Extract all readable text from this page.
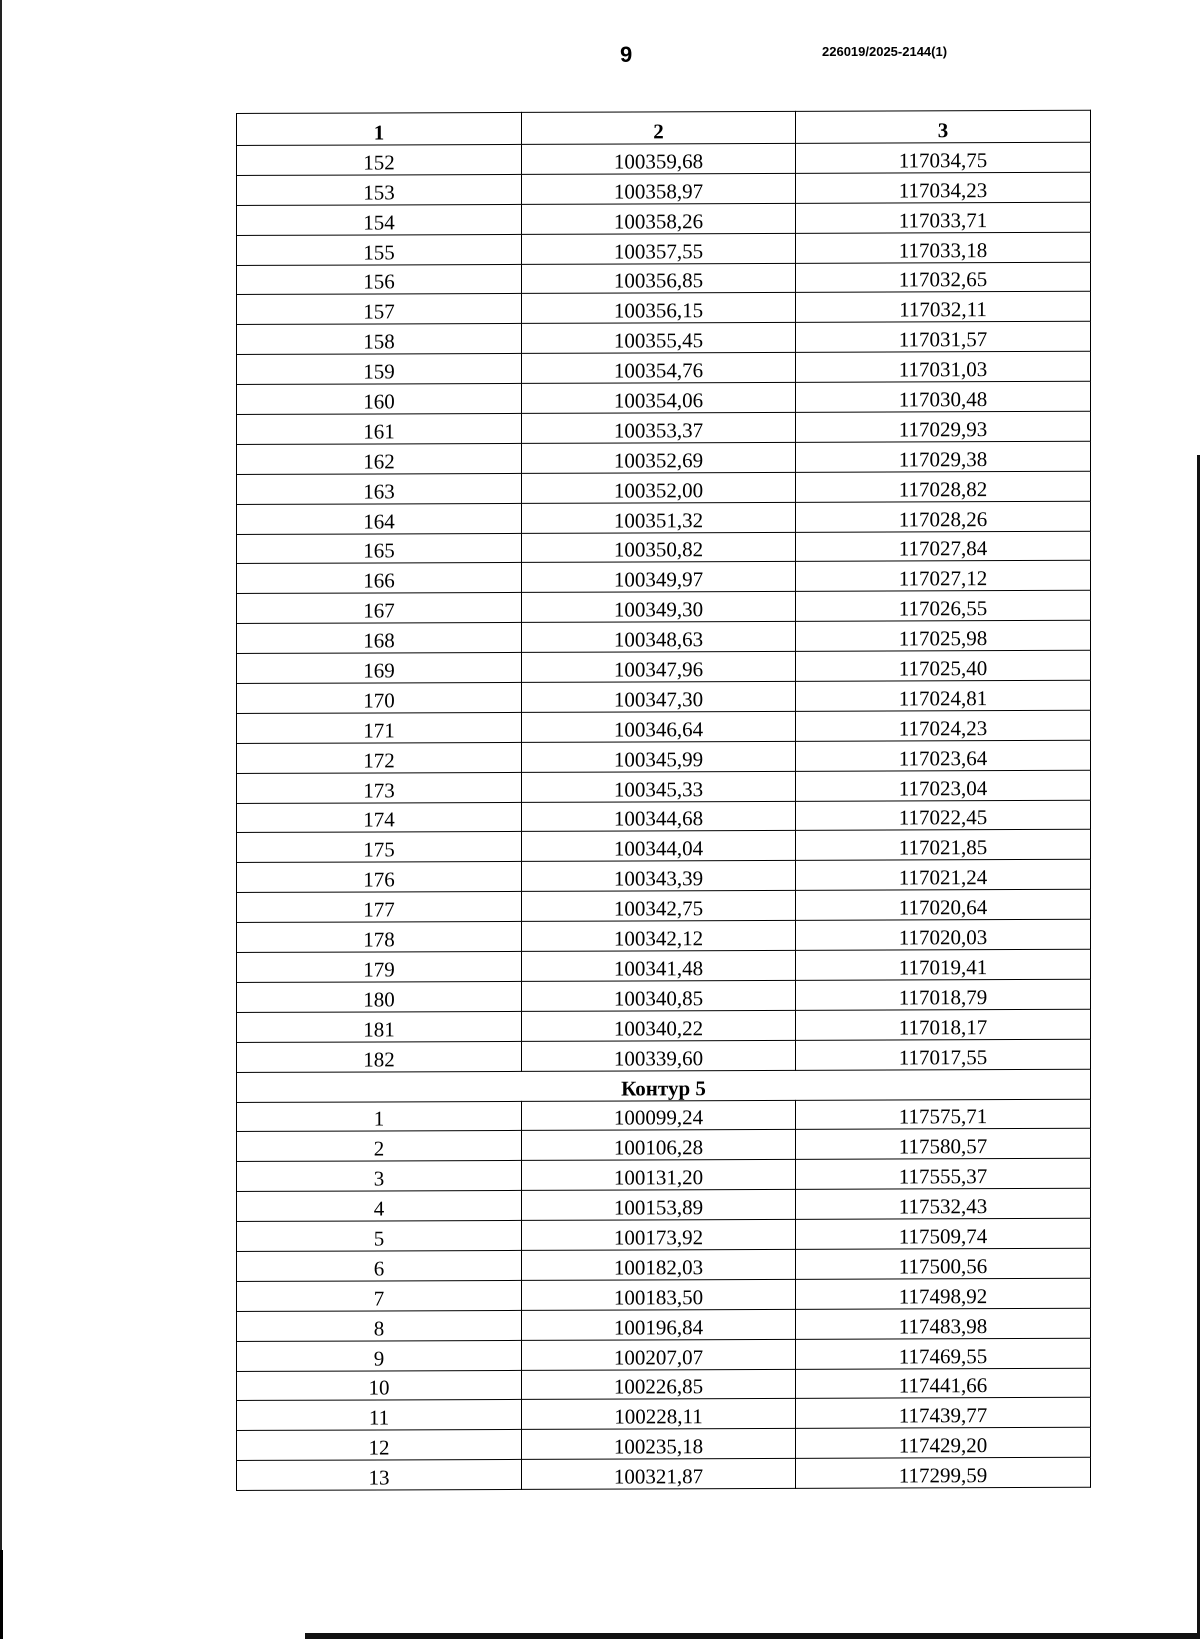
9	226019/2025-2144(1)
1	2	3
152	100359,68	117034,75
153	100358,97	117034,23
154	100358,26	117033,71
155	100357,55	117033,18
156	100356,85	117032,65
157	100356,15	117032,11
158	100355,45	117031,57
159	100354,76	117031,03
160	100354,06	117030,48
161	100353,37	117029,93
162	100352,69	117029,38
163	100352,00	117028,82
164	100351,32	117028,26
165	100350,82	117027,84
166	100349,97	117027,12
167	100349,30	117026,55
168	100348,63	117025,98
169	100347,96	117025,40
170	100347,30	117024,81
171	100346,64	117024,23
172	100345,99	117023,64
173	100345,33	117023,04
174	100344,68	117022,45
175	100344,04	117021,85
176	100343,39	117021,24
177	100342,75	117020,64
178	100342,12	117020,03
179	100341,48	117019,41
180	100340,85	117018,79
181	100340,22	117018,17
182	100339,60	117017,55
Контур 5		
1	100099,24	117575,71
2	100106,28	117580,57
3	100131,20	117555,37
4	100153,89	117532,43
5	100173,92	117509,74
6	100182,03	117500,56
7	100183,50	117498,92
8	100196,84	117483,98
9	100207,07	117469,55
10	100226,85	117441,66
11	100228,11	117439,77
12	100235,18	117429,20
13	100321,87	117299,59
